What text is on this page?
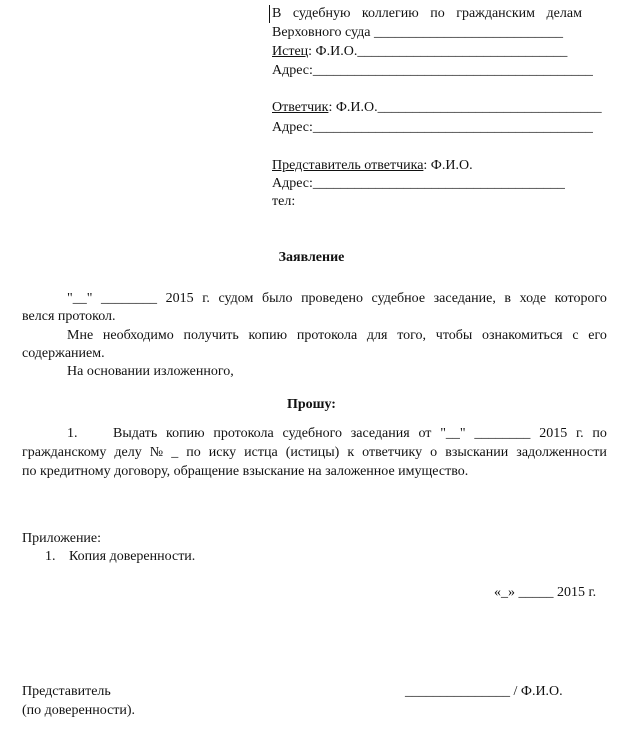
В судебную коллегию по гражданским делам
Верховного суда ___________________________
Истец: Ф.И.О.______________________________
Адрес:________________________________________
Ответчик: Ф.И.О.________________________________
Адрес:________________________________________
Представитель ответчика: Ф.И.О.
Адрес:____________________________________
тел:
Заявление
"__" ________ 2015 г. судом было проведено судебное заседание, в ходе которого
велся протокол.
Мне необходимо получить копию протокола для того, чтобы ознакомиться с его
содержанием.
На основании изложенного,
Прошу:
1.	Выдать копию протокола судебного заседания от "__" ________ 2015 г. по
гражданскому делу № _ по иску истца (истицы) к ответчику о взыскании задолженности
по кредитному договору, обращение взыскание на заложенное имущество.
Приложение:
1. Копия доверенности.
«_» _____ 2015 г.
Представитель	_______________ / Ф.И.О.
(по доверенности).
